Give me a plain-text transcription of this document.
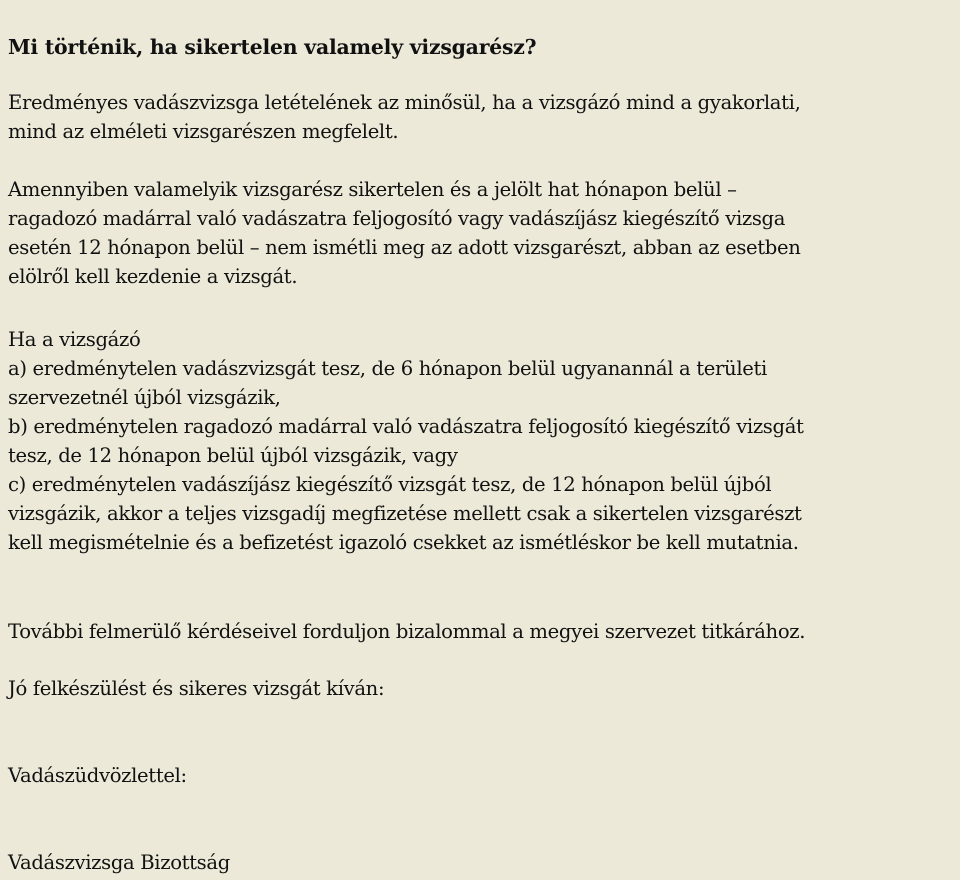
Mi történik, ha sikertelen valamely vizsgarész?

Eredményes vadászvizsga letételének az minősül, ha a vizsgázó mind a gyakorlati,
mind az elméleti vizsgarészen megfelelt.

Amennyiben valamelyik vizsgarész sikertelen és a jelölt hat hónapon belül –
ragadozó madárral való vadászatra feljogosító vagy vadászíjász kiegészítő vizsga
esetén 12 hónapon belül – nem ismétli meg az adott vizsgarészt, abban az esetben
elölről kell kezdenie a vizsgát.

Ha a vizsgázó
a) eredménytelen vadászvizsgát tesz, de 6 hónapon belül ugyanannál a területi
szervezetnél újból vizsgázik,
b) eredménytelen ragadozó madárral való vadászatra feljogosító kiegészítő vizsgát
tesz, de 12 hónapon belül újból vizsgázik, vagy
c) eredménytelen vadászíjász kiegészítő vizsgát tesz, de 12 hónapon belül újból
vizsgázik, akkor a teljes vizsgadíj megfizetése mellett csak a sikertelen vizsgarészt
kell megismételnie és a befizetést igazoló csekket az ismétléskor be kell mutatnia.

További felmerülő kérdéseivel forduljon bizalommal a megyei szervezet titkárához.

Jó felkészülést és sikeres vizsgát kíván:

Vadászüdvözlettel:

Vadászvizsga Bizottság
